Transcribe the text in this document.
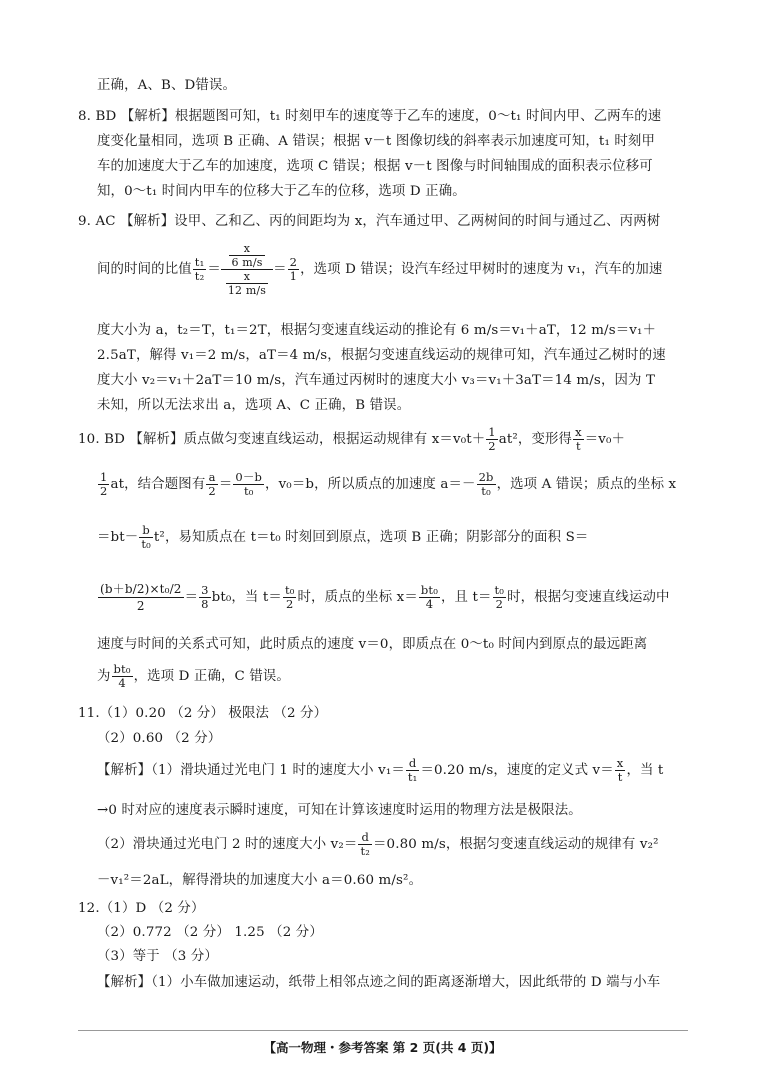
正确，A、B、D错误。
8. BD 【解析】根据题图可知，t₁ 时刻甲车的速度等于乙车的速度，0～t₁ 时间内甲、乙两车的速
度变化量相同，选项 B 正确、A 错误；根据 v－t 图像切线的斜率表示加速度可知，t₁ 时刻甲
车的加速度大于乙车的加速度，选项 C 错误；根据 v－t 图像与时间轴围成的面积表示位移可
知，0～t₁ 时间内甲车的位移大于乙车的位移，选项 D 正确。
9. AC 【解析】设甲、乙和乙、丙的间距均为 x，汽车通过甲、乙两树间的时间与通过乙、丙两树
间的时间的比值 $\frac{\text{t₁}}{\text{t₂}} = \frac{\frac{x}{6 m/s}}{\frac{x}{12 m/s}} = \frac{2}{1}$ ，选项 D 错误；设汽车经过甲树时的速度为 v₁，汽车的加速
度大小为 a，t₂＝T，t₁＝2T，根据匀变速直线运动的推论有 6 m/s＝v₁＋aT，12 m/s＝v₁＋
2.5aT，解得 v₁＝2 m/s，aT＝4 m/s，根据匀变速直线运动的规律可知，汽车通过乙树时的速
度大小 v₂＝v₁＋2aT＝10 m/s，汽车通过丙树时的速度大小 v₃＝v₁＋3aT＝14 m/s，因为 T
未知，所以无法求出 a，选项 A、C 正确，B 错误。
10. BD 【解析】质点做匀变速直线运动，根据运动规律有 $x=v_0t+ \frac{1}{2} at^2$，变形得 $\frac{x}{t} =v_0+$
$\frac{1}{2}$ at，结合题图有 $\frac{a}{2} = \frac{0-b}{\text{t₀}}$ ，v₀＝b，所以质点的加速度 $a=- \frac{2b}{\text{t₀}}$ ，选项 A 错误；质点的坐标 x
$=bt- \frac{b}{\text{t₀}} t^2$，易知质点在 t＝t₀ 时刻回到原点，选项 B 正确；阴影部分的面积 S＝
$\frac{\text{(b＋b/2)×t₀/2}}{2} = \frac{3}{8} bt_0$，当 $t= \frac{\text{t₀}}{2}$ 时，质点的坐标 $x= \frac{\text{bt₀}}{4}$ ，且 $t= \frac{\text{t₀}}{2}$ 时，根据匀变速直线运动中
速度与时间的关系式可知，此时质点的速度 v＝0，即质点在 0～t₀ 时间内到原点的最远距离
为 $\frac{\text{bt₀}}{4}$ ，选项 D 正确，C 错误。
11.（1）0.20 （2 分） 极限法 （2 分）
（2）0.60 （2 分）
【解析】（1）滑块通过光电门 1 时的速度大小 $v_1= \frac{d}{\text{t₁}} =0.20$ m/s，速度的定义式 $v= \frac{x}{t}$ ，当 t
→0 时对应的速度表示瞬时速度，可知在计算该速度时运用的物理方法是极限法。
（2）滑块通过光电门 2 时的速度大小 $v_2= \frac{d}{\text{t₂}} =0.80$ m/s，根据匀变速直线运动的规律有 v₂²
－v₁²＝2aL，解得滑块的加速度大小 a＝0.60 m/s²。
12.（1）D （2 分）
（2）0.772 （2 分） 1.25 （2 分）
（3）等于 （3 分）
【解析】（1）小车做加速运动，纸带上相邻点迹之间的距离逐渐增大，因此纸带的 D 端与小车
【高一物理・参考答案 第 2 页(共 4 页)】
